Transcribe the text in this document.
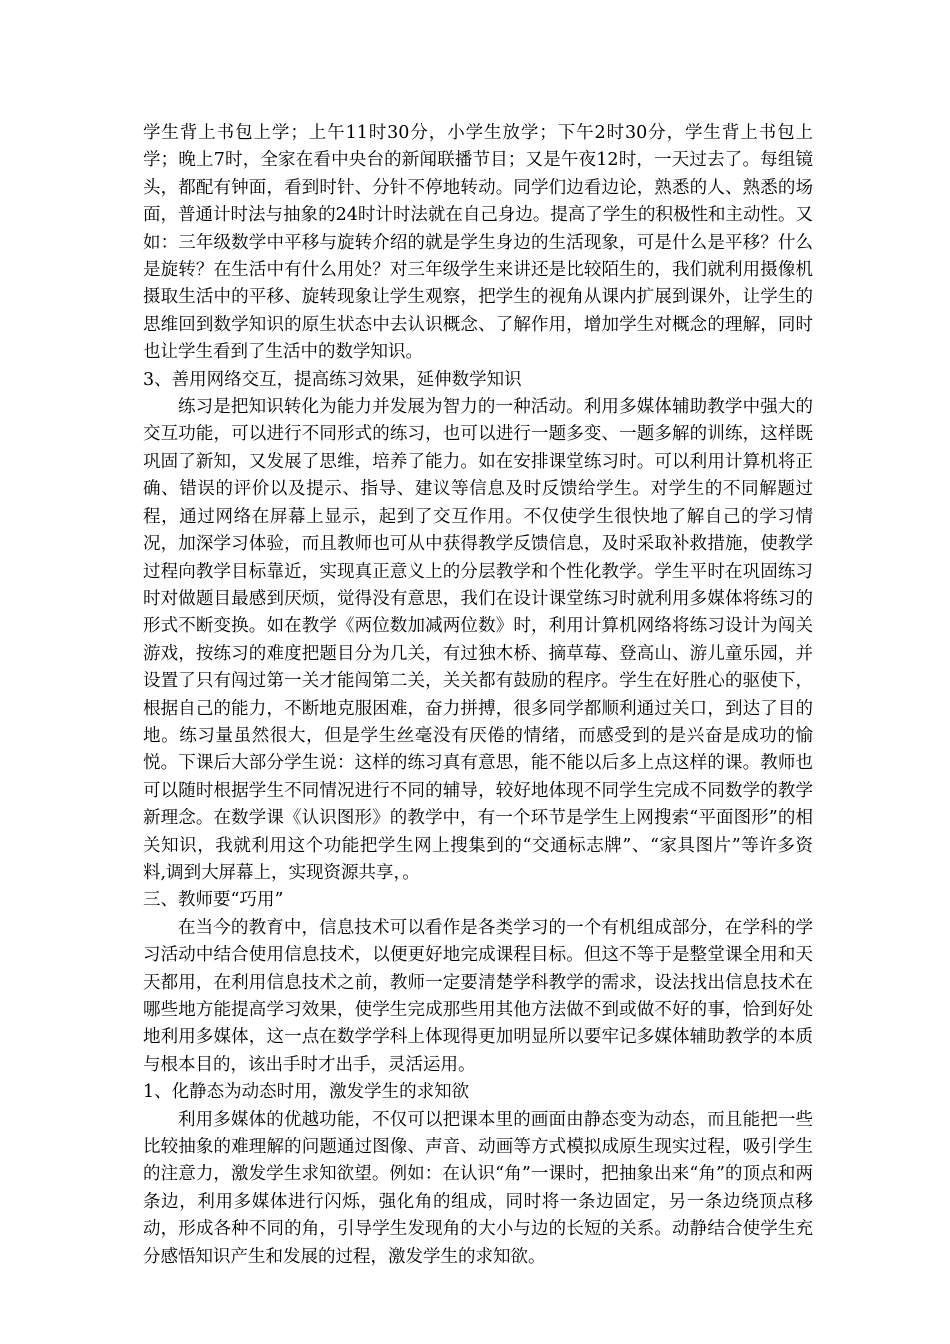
学生背上书包上学；上午11时30分，小学生放学；下午2时30分，学生背上书包上学；晚上7时，全家在看中央台的新闻联播节目；又是午夜12时，一天过去了。每组镜头，都配有钟面，看到时针、分针不停地转动。同学们边看边论，熟悉的人、熟悉的场面，普通计时法与抽象的24时计时法就在自己身边。提高了学生的积极性和主动性。又如：三年级数学中平移与旋转介绍的就是学生身边的生活现象，可是什么是平移？什么是旋转？在生活中有什么用处？对三年级学生来讲还是比较陌生的，我们就利用摄像机摄取生活中的平移、旋转现象让学生观察，把学生的视角从课内扩展到课外，让学生的思维回到数学知识的原生状态中去认识概念、了解作用，增加学生对概念的理解，同时也让学生看到了生活中的数学知识。

3、善用网络交互，提高练习效果，延伸数学知识

练习是把知识转化为能力并发展为智力的一种活动。利用多媒体辅助教学中强大的交互功能，可以进行不同形式的练习，也可以进行一题多变、一题多解的训练，这样既巩固了新知，又发展了思维，培养了能力。如在安排课堂练习时。可以利用计算机将正确、错误的评价以及提示、指导、建议等信息及时反馈给学生。对学生的不同解题过程，通过网络在屏幕上显示，起到了交互作用。不仅使学生很快地了解自己的学习情况，加深学习体验，而且教师也可从中获得教学反馈信息，及时采取补救措施，使教学过程向教学目标靠近，实现真正意义上的分层教学和个性化教学。学生平时在巩固练习时对做题目最感到厌烦，觉得没有意思，我们在设计课堂练习时就利用多媒体将练习的形式不断变换。如在教学《两位数加减两位数》时，利用计算机网络将练习设计为闯关游戏，按练习的难度把题目分为几关，有过独木桥、摘草莓、登高山、游儿童乐园，并设置了只有闯过第一关才能闯第二关，关关都有鼓励的程序。学生在好胜心的驱使下，根据自己的能力，不断地克服困难，奋力拼搏，很多同学都顺利通过关口，到达了目的地。练习量虽然很大，但是学生丝毫没有厌倦的情绪，而感受到的是兴奋是成功的愉悦。下课后大部分学生说：这样的练习真有意思，能不能以后多上点这样的课。教师也可以随时根据学生不同情况进行不同的辅导，较好地体现不同学生完成不同数学的教学新理念。在数学课《认识图形》的教学中，有一个环节是学生上网搜索“平面图形”的相关知识，我就利用这个功能把学生网上搜集到的“交通标志牌”、“家具图片”等许多资料,调到大屏幕上，实现资源共享，。

三、教师要“巧用”

在当今的教育中，信息技术可以看作是各类学习的一个有机组成部分，在学科的学习活动中结合使用信息技术，以便更好地完成课程目标。但这不等于是整堂课全用和天天都用，在利用信息技术之前，教师一定要清楚学科教学的需求，设法找出信息技术在哪些地方能提高学习效果，使学生完成那些用其他方法做不到或做不好的事，恰到好处地利用多媒体，这一点在数学学科上体现得更加明显所以要牢记多媒体辅助教学的本质与根本目的，该出手时才出手，灵活运用。

1、化静态为动态时用，激发学生的求知欲

利用多媒体的优越功能，不仅可以把课本里的画面由静态变为动态，而且能把一些比较抽象的难理解的问题通过图像、声音、动画等方式模拟成原生现实过程，吸引学生的注意力，激发学生求知欲望。例如：在认识“角”一课时，把抽象出来“角”的顶点和两条边，利用多媒体进行闪烁，强化角的组成，同时将一条边固定，另一条边绕顶点移动，形成各种不同的角，引导学生发现角的大小与边的长短的关系。动静结合使学生充分感悟知识产生和发展的过程，激发学生的求知欲。
